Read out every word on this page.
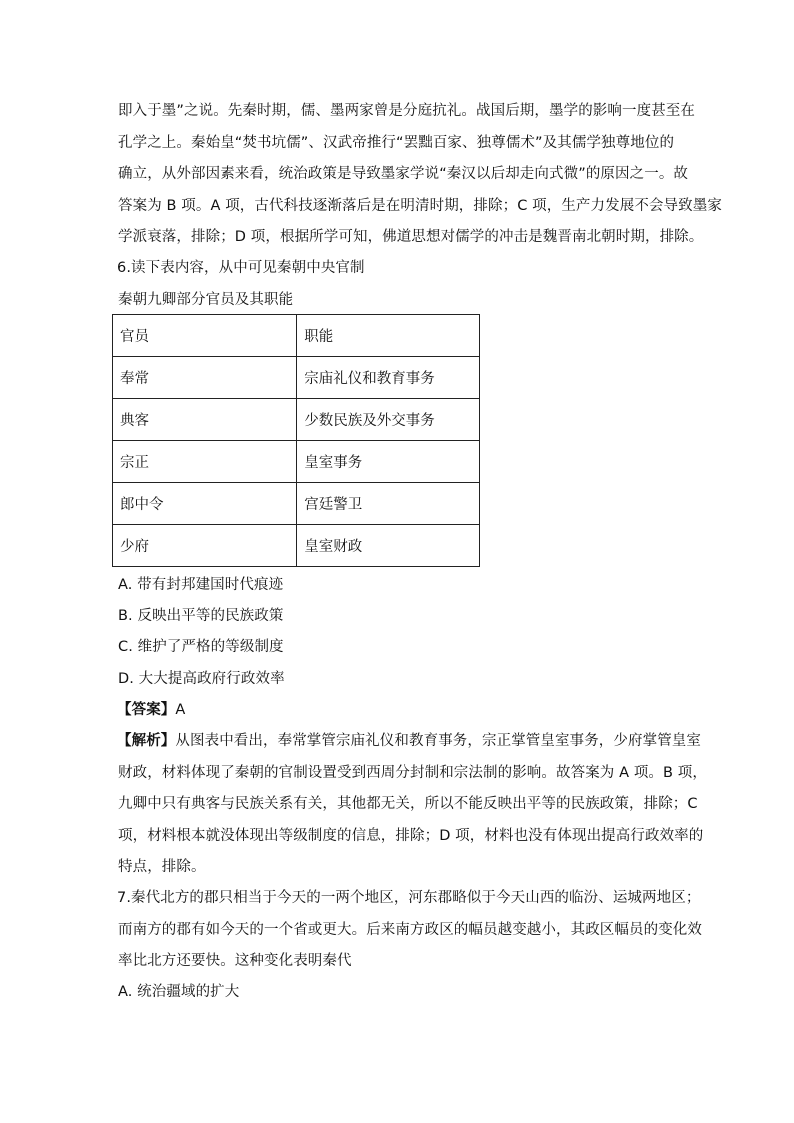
即入于墨”之说。先秦时期，儒、墨两家曾是分庭抗礼。战国后期，墨学的影响一度甚至在
孔学之上。秦始皇“焚书坑儒”、汉武帝推行“罢黜百家、独尊儒术”及其儒学独尊地位的
确立，从外部因素来看，统治政策是导致墨家学说“秦汉以后却走向式微”的原因之一。故
答案为 B 项。A 项，古代科技逐渐落后是在明清时期，排除；C 项，生产力发展不会导致墨家
学派衰落，排除；D 项，根据所学可知，佛道思想对儒学的冲击是魏晋南北朝时期，排除。
6.读下表内容，从中可见秦朝中央官制
秦朝九卿部分官员及其职能
官员	职能
奉常	宗庙礼仪和教育事务
典客	少数民族及外交事务
宗正	皇室事务
郎中令	宫廷警卫
少府	皇室财政
A. 带有封邦建国时代痕迹
B. 反映出平等的民族政策
C. 维护了严格的等级制度
D. 大大提高政府行政效率
【答案】A
【解析】从图表中看出，奉常掌管宗庙礼仪和教育事务，宗正掌管皇室事务，少府掌管皇室
财政，材料体现了秦朝的官制设置受到西周分封制和宗法制的影响。故答案为 A 项。B 项，
九卿中只有典客与民族关系有关，其他都无关，所以不能反映出平等的民族政策，排除；C
项，材料根本就没体现出等级制度的信息，排除；D 项，材料也没有体现出提高行政效率的
特点，排除。
7.秦代北方的郡只相当于今天的一两个地区，河东郡略似于今天山西的临汾、运城两地区；
而南方的郡有如今天的一个省或更大。后来南方政区的幅员越变越小，其政区幅员的变化效
率比北方还要快。这种变化表明秦代
A. 统治疆域的扩大
